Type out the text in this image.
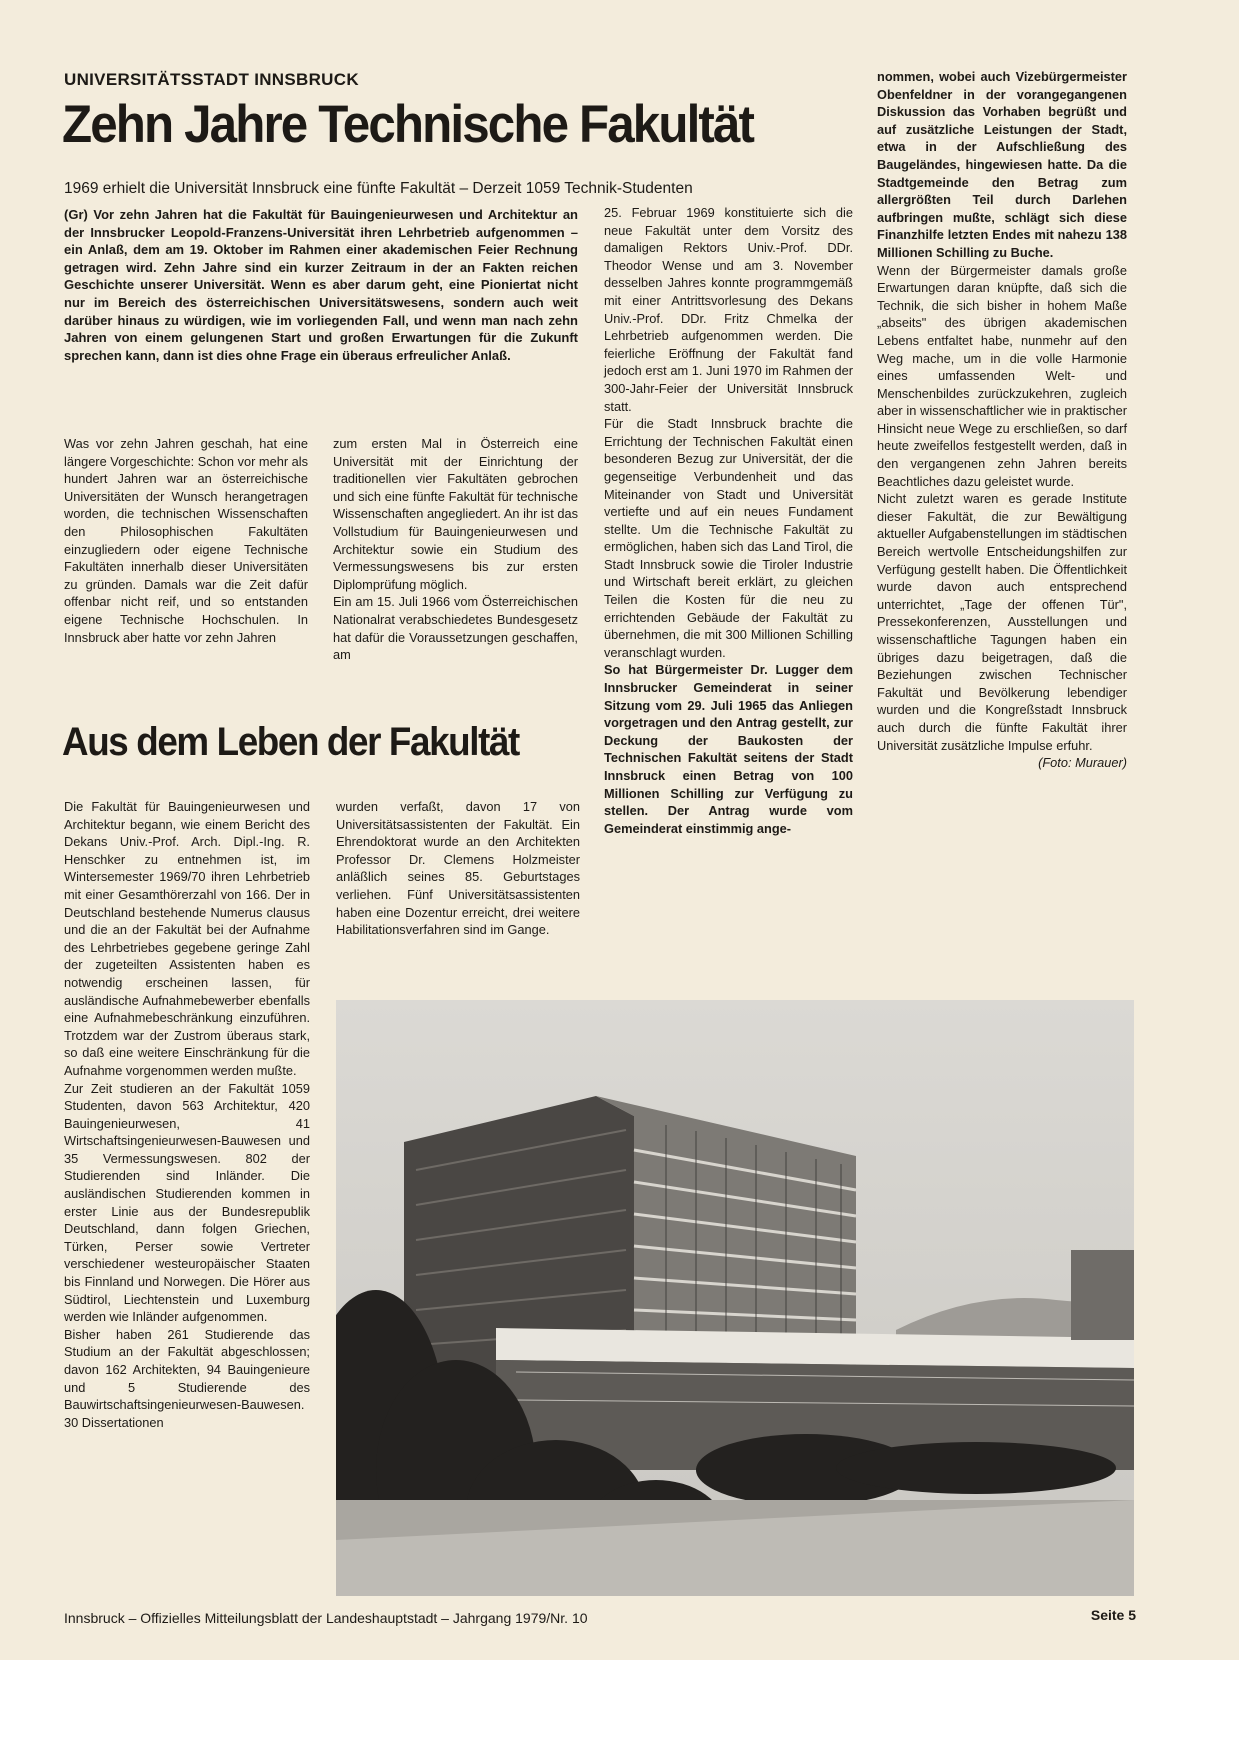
UNIVERSITÄTSSTADT INNSBRUCK
Zehn Jahre Technische Fakultät
1969 erhielt die Universität Innsbruck eine fünfte Fakultät – Derzeit 1059 Technik-Studenten

(Gr) Vor zehn Jahren hat die Fakultät für Bauingenieurwesen und Architektur an der Innsbrucker Leopold-Franzens-Universität ihren Lehrbetrieb aufgenommen – ein Anlaß, dem am 19. Oktober im Rahmen einer akademischen Feier Rechnung getragen wird. Zehn Jahre sind ein kurzer Zeitraum in der an Fakten reichen Geschichte unserer Universität. Wenn es aber darum geht, eine Pioniertat nicht nur im Bereich des österreichischen Universitätswesens, sondern auch weit darüber hinaus zu würdigen, wie im vorliegenden Fall, und wenn man nach zehn Jahren von einem gelungenen Start und großen Erwartungen für die Zukunft sprechen kann, dann ist dies ohne Frage ein überaus erfreulicher Anlaß.

Was vor zehn Jahren geschah, hat eine längere Vorgeschichte: Schon vor mehr als hundert Jahren war an österreichische Universitäten der Wunsch herangetragen worden, die technischen Wissenschaften den Philosophischen Fakultäten einzugliedern oder eigene Technische Fakultäten innerhalb dieser Universitäten zu gründen. Damals war die Zeit dafür offenbar nicht reif, und so entstanden eigene Technische Hochschulen. In Innsbruck aber hatte vor zehn Jahren

zum ersten Mal in Österreich eine Universität mit der Einrichtung der traditionellen vier Fakultäten gebrochen und sich eine fünfte Fakultät für technische Wissenschaften angegliedert. An ihr ist das Vollstudium für Bauingenieurwesen und Architektur sowie ein Studium des Vermessungswesens bis zur ersten Diplomprüfung möglich.

Ein am 15. Juli 1966 vom Österreichischen Nationalrat verabschiedetes Bundesgesetz hat dafür die Voraussetzungen geschaffen, am

25. Februar 1969 konstituierte sich die neue Fakultät unter dem Vorsitz des damaligen Rektors Univ.-Prof. DDr. Theodor Wense und am 3. November desselben Jahres konnte programmgemäß mit einer Antrittsvorlesung des Dekans Univ.-Prof. DDr. Fritz Chmelka der Lehrbetrieb aufgenommen werden. Die feierliche Eröffnung der Fakultät fand jedoch erst am 1. Juni 1970 im Rahmen der 300-Jahr-Feier der Universität Innsbruck statt.

Für die Stadt Innsbruck brachte die Errichtung der Technischen Fakultät einen besonderen Bezug zur Universität, der die gegenseitige Verbundenheit und das Miteinander von Stadt und Universität vertiefte und auf ein neues Fundament stellte. Um die Technische Fakultät zu ermöglichen, haben sich das Land Tirol, die Stadt Innsbruck sowie die Tiroler Industrie und Wirtschaft bereit erklärt, zu gleichen Teilen die Kosten für die neu zu errichtenden Gebäude der Fakultät zu übernehmen, die mit 300 Millionen Schilling veranschlagt wurden.

So hat Bürgermeister Dr. Lugger dem Innsbrucker Gemeinderat in seiner Sitzung vom 29. Juli 1965 das Anliegen vorgetragen und den Antrag gestellt, zur Deckung der Baukosten der Technischen Fakultät seitens der Stadt Innsbruck einen Betrag von 100 Millionen Schilling zur Verfügung zu stellen. Der Antrag wurde vom Gemeinderat einstimmig ange-

nommen, wobei auch Vizebürgermeister Obenfeldner in der vorangegangenen Diskussion das Vorhaben begrüßt und auf zusätzliche Leistungen der Stadt, etwa in der Aufschließung des Baugeländes, hingewiesen hatte. Da die Stadtgemeinde den Betrag zum allergrößten Teil durch Darlehen aufbringen mußte, schlägt sich diese Finanzhilfe letzten Endes mit nahezu 138 Millionen Schilling zu Buche.

Wenn der Bürgermeister damals große Erwartungen daran knüpfte, daß sich die Technik, die sich bisher in hohem Maße „abseits" des übrigen akademischen Lebens entfaltet habe, nunmehr auf den Weg mache, um in die volle Harmonie eines umfassenden Welt- und Menschenbildes zurückzukehren, zugleich aber in wissenschaftlicher wie in praktischer Hinsicht neue Wege zu erschließen, so darf heute zweifellos festgestellt werden, daß in den vergangenen zehn Jahren bereits Beachtliches dazu geleistet wurde.

Nicht zuletzt waren es gerade Institute dieser Fakultät, die zur Bewältigung aktueller Aufgabenstellungen im städtischen Bereich wertvolle Entscheidungshilfen zur Verfügung gestellt haben. Die Öffentlichkeit wurde davon auch entsprechend unterrichtet, „Tage der offenen Tür", Pressekonferenzen, Ausstellungen und wissenschaftliche Tagungen haben ein übriges dazu beigetragen, daß die Beziehungen zwischen Technischer Fakultät und Bevölkerung lebendiger wurden und die Kongreßstadt Innsbruck auch durch die fünfte Fakultät ihrer Universität zusätzliche Impulse erfuhr.
(Foto: Murauer)

Aus dem Leben der Fakultät

Die Fakultät für Bauingenieurwesen und Architektur begann, wie einem Bericht des Dekans Univ.-Prof. Arch. Dipl.-Ing. R. Henschker zu entnehmen ist, im Wintersemester 1969/70 ihren Lehrbetrieb mit einer Gesamthörerzahl von 166. Der in Deutschland bestehende Numerus clausus und die an der Fakultät bei der Aufnahme des Lehrbetriebes gegebene geringe Zahl der zugeteilten Assistenten haben es notwendig erscheinen lassen, für ausländische Aufnahmebewerber ebenfalls eine Aufnahmebeschränkung einzuführen. Trotzdem war der Zustrom überaus stark, so daß eine weitere Einschränkung für die Aufnahme vorgenommen werden mußte.

Zur Zeit studieren an der Fakultät 1059 Studenten, davon 563 Architektur, 420 Bauingenieurwesen, 41 Wirtschaftsingenieurwesen-Bauwesen und 35 Vermessungswesen. 802 der Studierenden sind Inländer. Die ausländischen Studierenden kommen in erster Linie aus der Bundesrepublik Deutschland, dann folgen Griechen, Türken, Perser sowie Vertreter verschiedener westeuropäischer Staaten bis Finnland und Norwegen. Die Hörer aus Südtirol, Liechtenstein und Luxemburg werden wie Inländer aufgenommen.

Bisher haben 261 Studierende das Studium an der Fakultät abgeschlossen; davon 162 Architekten, 94 Bauingenieure und 5 Studierende des Bauwirtschaftsingenieurwesen-Bauwesen. 30 Dissertationen

wurden verfaßt, davon 17 von Universitätsassistenten der Fakultät. Ein Ehrendoktorat wurde an den Architekten Professor Dr. Clemens Holzmeister anläßlich seines 85. Geburtstages verliehen. Fünf Universitätsassistenten haben eine Dozentur erreicht, drei weitere Habilitationsverfahren sind im Gange.

Innsbruck – Offizielles Mitteilungsblatt der Landeshauptstadt – Jahrgang 1979/Nr. 10	Seite 5
